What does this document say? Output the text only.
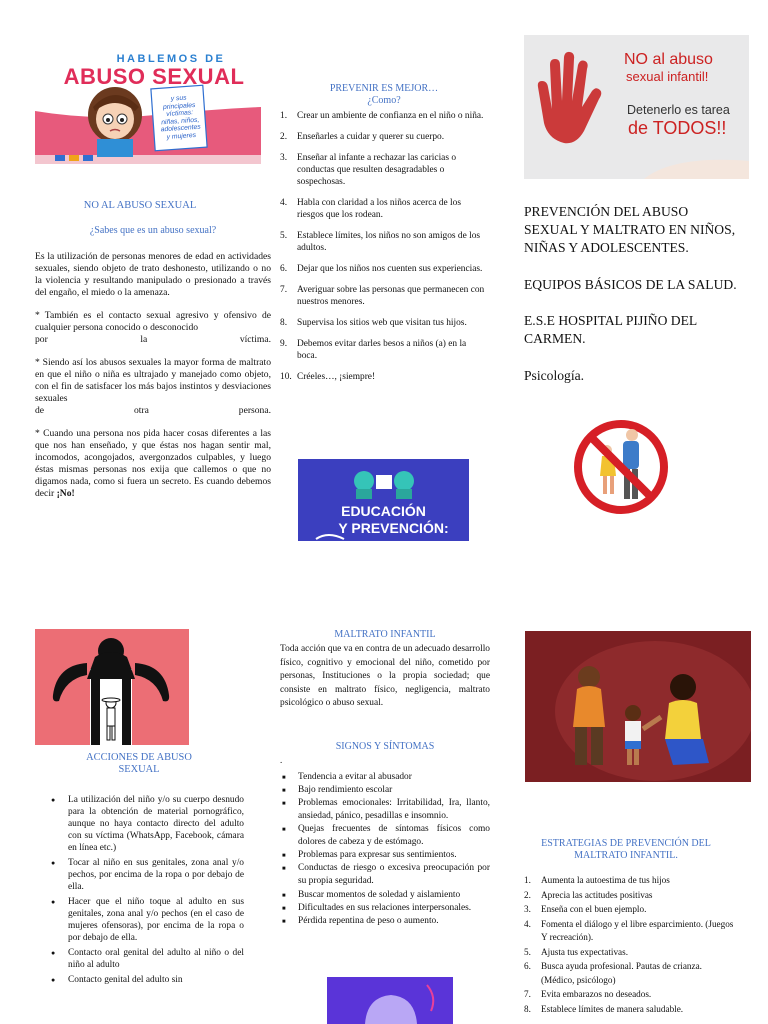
HABLEMOS DE
ABUSO SEXUAL
y sus
principales
víctimas:
niñas, niños,
adolescentes
y mujeres
NO AL ABUSO SEXUAL
¿Sabes que es un abuso sexual?

Es la utilización de personas menores de edad en actividades sexuales, siendo objeto de trato deshonesto, utilizando o no la violencia y resultando manipulado o presionado a través del engaño, el miedo o la amenaza.

* También es el contacto sexual agresivo y ofensivo de cualquier persona conocido o desconocido

por	la	víctima.

* Siendo así los abusos sexuales la mayor forma de maltrato en que el niño o niña es ultrajado y manejado como objeto, con el fin de satisfacer los más bajos instintos y desviaciones sexuales

de	otra	persona.

* Cuando una persona nos pida hacer cosas diferentes a las que nos han enseñado, y que éstas nos hagan sentir mal, incomodos, acongojados, avergonzados culpables, y luego éstas mismas personas nos exija que callemos o que no digamos nada, como si fuera un secreto. Es cuando debemos decir ¡No!

PREVENIR ES MEJOR…
¿Como?
1. Crear un ambiente de confianza en el niño o niña.
2. Enseñarles a cuidar y querer su cuerpo.
3. Enseñar al infante a rechazar las caricias o conductas que resulten desagradables o sospechosas.
4. Habla con claridad a los niños acerca de los riesgos que los rodean.
5. Establece límites, los niños no son amigos de los adultos.
6. Dejar que los niños nos cuenten sus experiencias.
7. Averiguar sobre las personas que permanecen con nuestros menores.
8. Supervisa los sitios web que visitan tus hijos.
9. Debemos evitar darles besos a niños (a) en la boca.
10. Créeles…, ¡siempre!
EDUCACIÓN
Y PREVENCIÓN:
NO al abuso
sexual infantil!
Detenerlo es tarea
de TODOS!!
PREVENCIÓN DEL ABUSO SEXUAL Y MALTRATO EN NIÑOS, NIÑAS Y ADOLESCENTES.
EQUIPOS BÁSICOS DE LA SALUD.
E.S.E HOSPITAL PIJIÑO DEL CARMEN.
Psicología.
ACCIONES DE ABUSO SEXUAL
● La utilización del niño y/o su cuerpo desnudo para la obtención de material pornográfico, aunque no haya contacto directo del adulto con su víctima (WhatsApp, Facebook, cámara en línea etc.)
● Tocar al niño en sus genitales, zona anal y/o pechos, por encima de la ropa o por debajo de ella.
● Hacer que el niño toque al adulto en sus genitales, zona anal y/o pechos (en el caso de mujeres ofensoras), por encima de la ropa o por debajo de ella.
● Contacto oral genital del adulto al niño o del niño al adulto
● Contacto genital del adulto sin
MALTRATO INFANTIL

Toda acción que va en contra de un adecuado desarrollo físico, cognitivo y emocional del niño, cometido por personas, Instituciones o la propia sociedad; que consiste en maltrato físico, negligencia, maltrato psicológico o abuso sexual.

SIGNOS Y SÍNTOMAS
.
■ Tendencia a evitar al abusador
■ Bajo rendimiento escolar
■ Problemas emocionales: Irritabilidad, Ira, llanto, ansiedad, pánico, pesadillas e insomnio.
■ Quejas frecuentes de síntomas físicos como dolores de cabeza y de estómago.
■ Problemas para expresar sus sentimientos.
■ Conductas de riesgo o excesiva preocupación por su propia seguridad.
■ Buscar momentos de soledad y aislamiento
■ Dificultades en sus relaciones interpersonales.
■ Pérdida repentina de peso o aumento.
ESTRATEGIAS DE PREVENCIÓN DEL MALTRATO INFANTIL.
1. Aumenta la autoestima de tus hijos
2. Aprecia las actitudes positivas
3. Enseña con el buen ejemplo.
4. Fomenta el diálogo y el libre esparcimiento. (Juegos Y recreación).
5. Ajusta tus expectativas.
6. Busca ayuda profesional. Pautas de crianza. (Médico, psicólogo)
7. Evita embarazos no deseados.
8. Establece límites de manera saludable.
